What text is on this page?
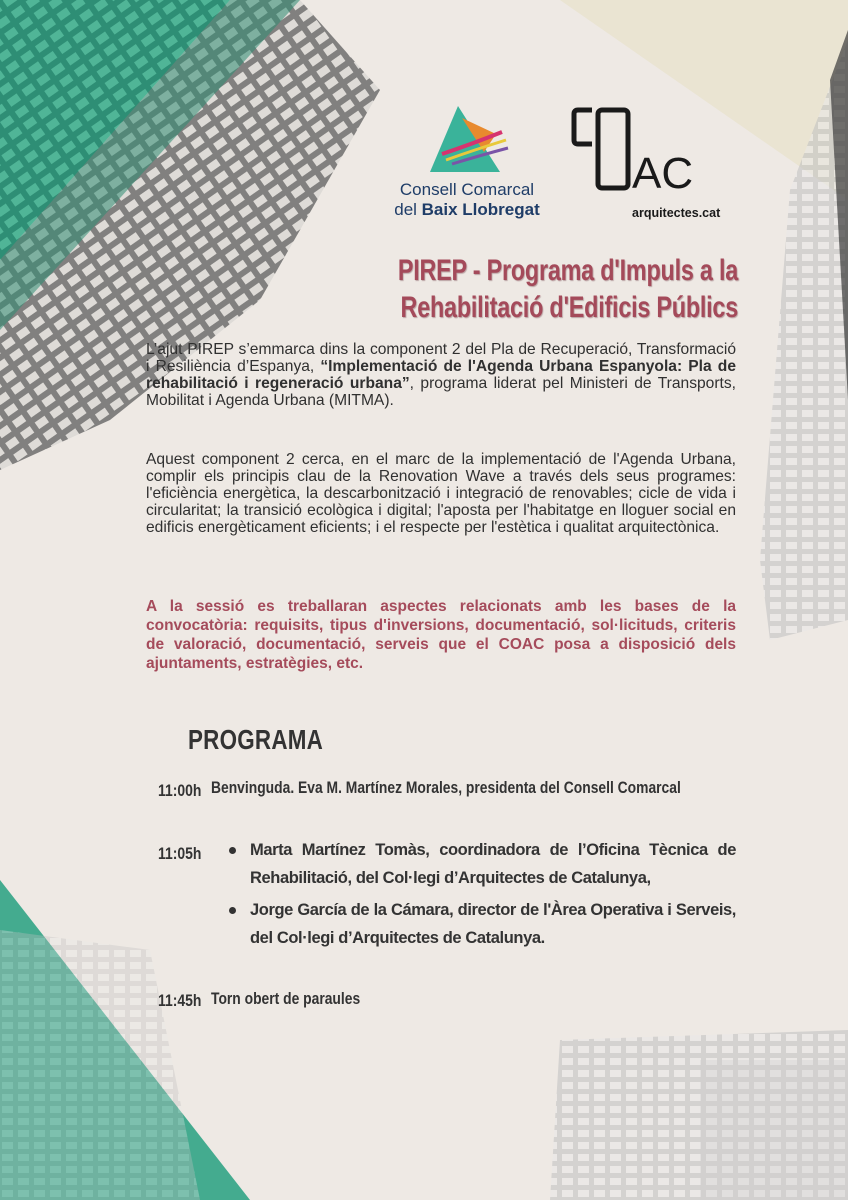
Consell Comarcal
del Baix Llobregat
AC
arquitectes.cat
PIREP - Programa d'Impuls a la
Rehabilitació d'Edificis Públics
L’ajut PIREP s’emmarca dins la component 2 del Pla de Recuperació, Transformació i Resiliència d’Espanya, “Implementació de l'Agenda Urbana Espanyola: Pla de rehabilitació i regeneració urbana”, programa liderat pel Ministeri de Transports, Mobilitat i Agenda Urbana (MITMA).
Aquest component 2 cerca, en el marc de la implementació de l'Agenda Urbana, complir els principis clau de la Renovation Wave a través dels seus programes: l'eficiència energètica, la descarbonització i integració de renovables; cicle de vida i circularitat; la transició ecològica i digital; l'aposta per l'habitatge en lloguer social en edificis energèticament eficients; i el respecte per l'estètica i qualitat arquitectònica.
A la sessió es treballaran aspectes relacionats amb les bases de la convocatòria: requisits, tipus d'inversions, documentació, sol·licituds, criteris de valoració, documentació, serveis que el COAC posa a disposició dels ajuntaments, estratègies, etc.
PROGRAMA
11:00h Benvinguda. Eva M. Martínez Morales, presidenta del Consell Comarcal
11:05h	Marta Martínez Tomàs, coordinadora de l’Oficina Tècnica de Rehabilitació, del Col·legi d’Arquitectes de Catalunya,
Jorge García de la Cámara, director de l'Àrea Operativa i Serveis, del Col·legi d’Arquitectes de Catalunya.
11:45h Torn obert de paraules
